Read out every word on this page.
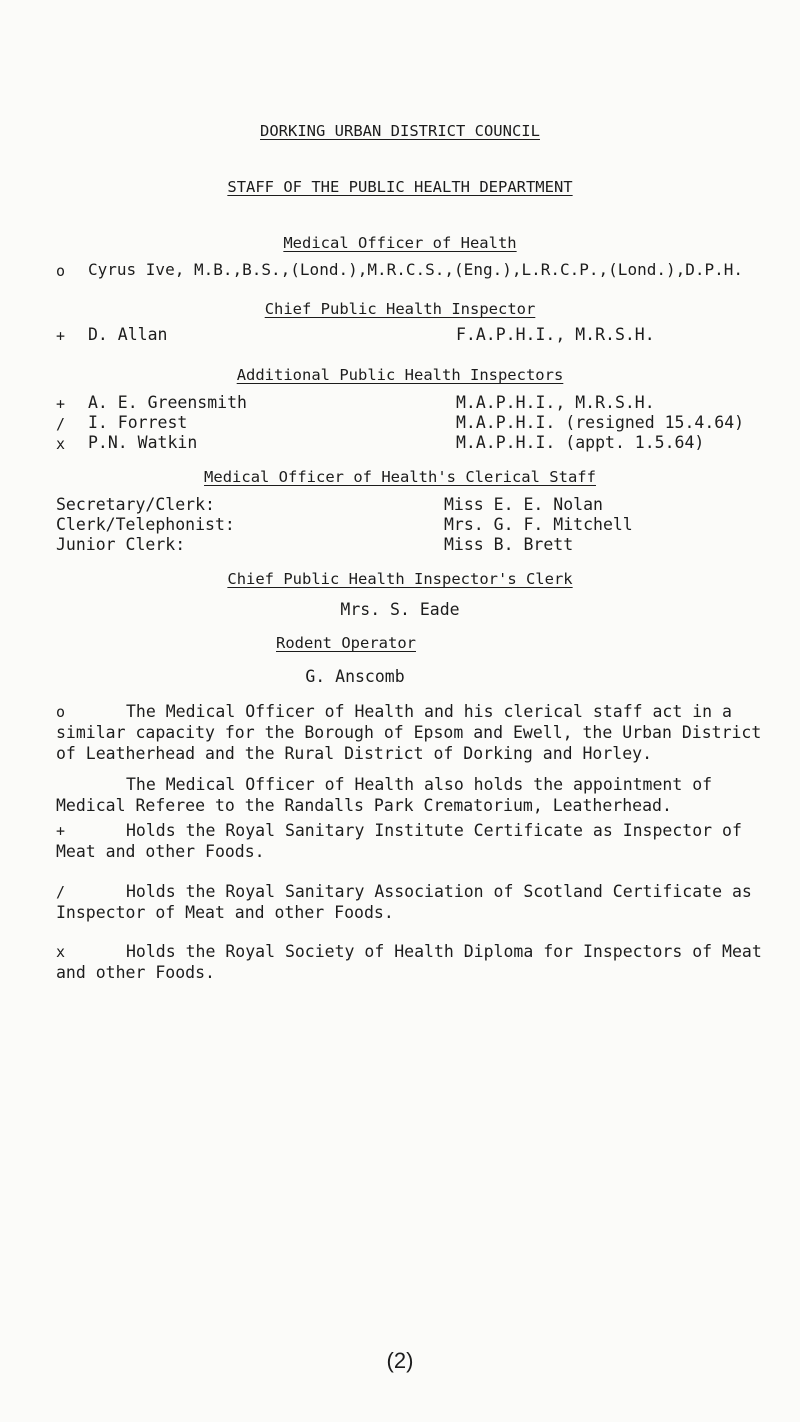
DORKING URBAN DISTRICT COUNCIL
STAFF OF THE PUBLIC HEALTH DEPARTMENT
Medical Officer of Health
o Cyrus Ive, M.B.,B.S.,(Lond.),M.R.C.S.,(Eng.),L.R.C.P.,(Lond.),D.P.H.
Chief Public Health Inspector
+ D. Allan	F.A.P.H.I., M.R.S.H.
Additional Public Health Inspectors
+ A. E. Greensmith	M.A.P.H.I., M.R.S.H.
/ I. Forrest	M.A.P.H.I. (resigned 15.4.64)
x P.N. Watkin	M.A.P.H.I. (appt. 1.5.64)
Medical Officer of Health's Clerical Staff
Secretary/Clerk:	Miss E. E. Nolan
Clerk/Telephonist:	Mrs. G. F. Mitchell
Junior Clerk:	Miss B. Brett
Chief Public Health Inspector's Clerk
Mrs. S. Eade
Rodent Operator
G. Anscomb
o	The Medical Officer of Health and his clerical staff act in a similar capacity for the Borough of Epsom and Ewell, the Urban District of Leatherhead and the Rural District of Dorking and Horley.
The Medical Officer of Health also holds the appointment of Medical Referee to the Randalls Park Crematorium, Leatherhead.
+	Holds the Royal Sanitary Institute Certificate as Inspector of Meat and other Foods.
/	Holds the Royal Sanitary Association of Scotland Certificate as Inspector of Meat and other Foods.
x	Holds the Royal Society of Health Diploma for Inspectors of Meat and other Foods.
(2)
